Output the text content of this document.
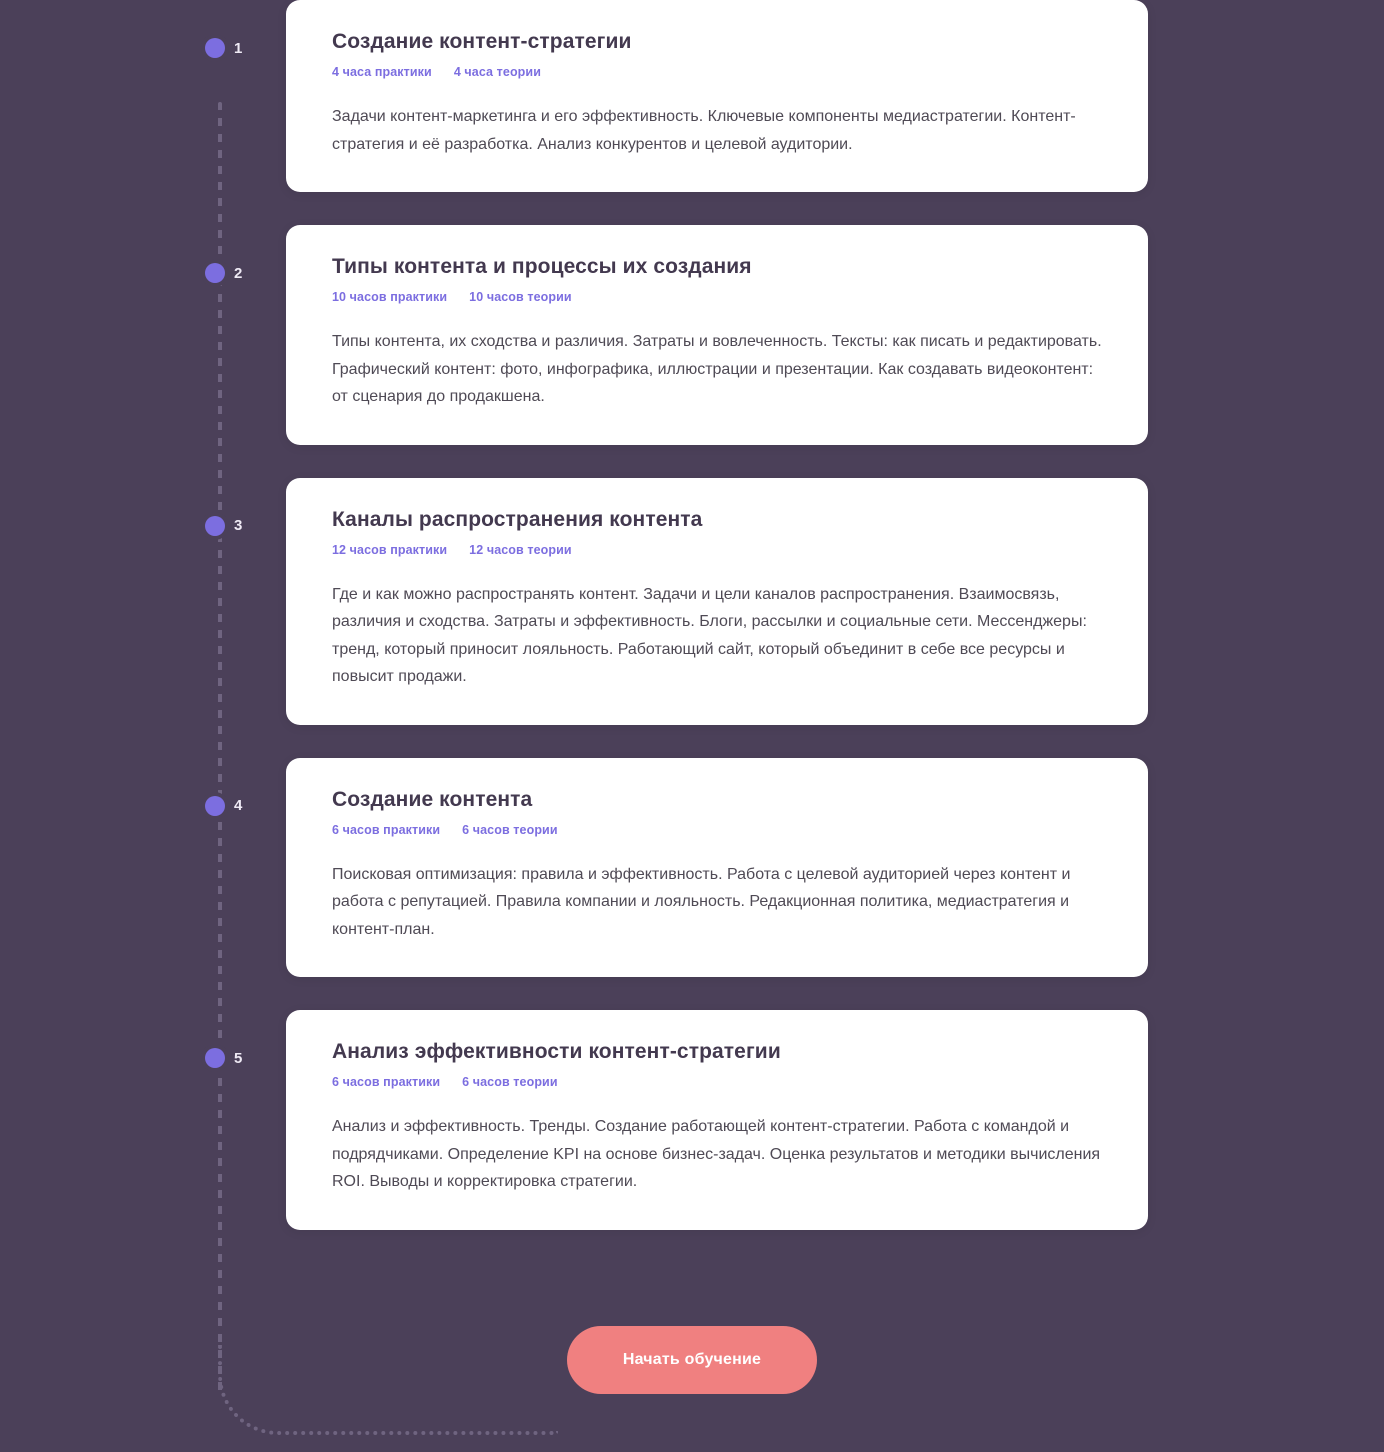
1	Создание контент-стратегии
4 часа практики 4 часа теории

Задачи контент-маркетинга и его эффективность. Ключевые компоненты медиастратегии. Контент-стратегия и её разработка. Анализ конкурентов и целевой аудитории.

2	Типы контента и процессы их создания
10 часов практики 10 часов теории

Типы контента, их сходства и различия. Затраты и вовлеченность. Тексты: как писать и редактировать. Графический контент: фото, инфографика, иллюстрации и презентации. Как создавать видеоконтент: от сценария до продакшена.

3	Каналы распространения контента
12 часов практики 12 часов теории

Где и как можно распространять контент. Задачи и цели каналов распространения. Взаимосвязь, различия и сходства. Затраты и эффективность. Блоги, рассылки и социальные сети. Мессенджеры: тренд, который приносит лояльность. Работающий сайт, который объединит в себе все ресурсы и повысит продажи.

4	Создание контента
6 часов практики 6 часов теории

Поисковая оптимизация: правила и эффективность. Работа с целевой аудиторией через контент и работа с репутацией. Правила компании и лояльность. Редакционная политика, медиастратегия и контент-план.

5	Анализ эффективности контент-стратегии
6 часов практики 6 часов теории

Анализ и эффективность. Тренды. Создание работающей контент-стратегии. Работа с командой и подрядчиками. Определение KPI на основе бизнес-задач. Оценка результатов и методики вычисления ROI. Выводы и корректировка стратегии.

Начать обучение
